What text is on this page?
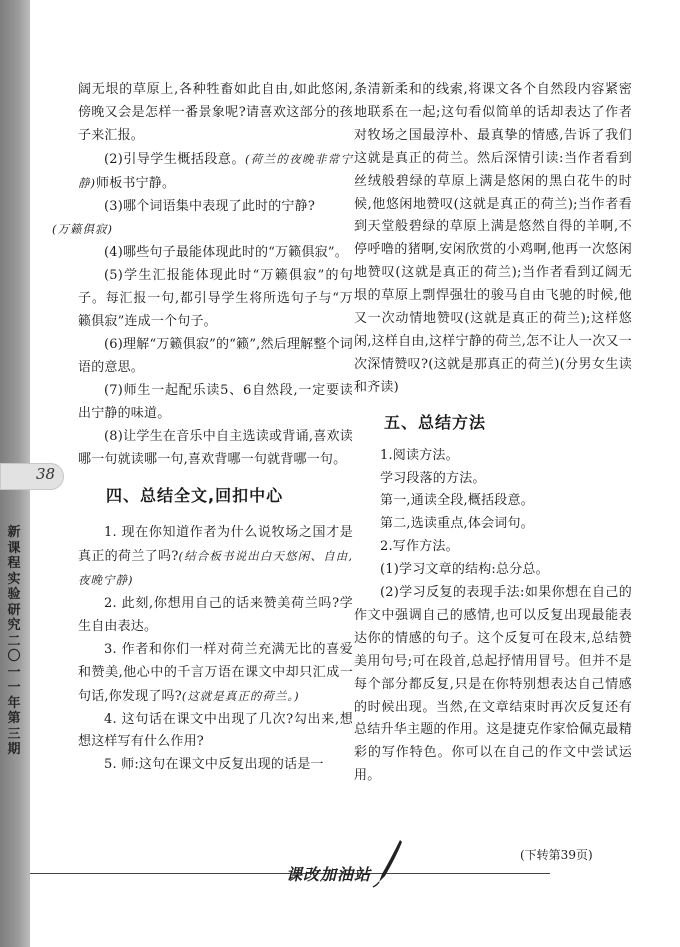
38
新课程实验研究
二〇一一年 第三期

阔无垠的草原上,各种牲畜如此自由,如此悠闲,傍晚又会是怎样一番景象呢?请喜欢这部分的孩子来汇报。

(2)引导学生概括段意。(荷兰的夜晚非常宁静)师板书宁静。

(3)哪个词语集中表现了此时的宁静?
(万籁俱寂)

(4)哪些句子最能体现此时的“万籁俱寂”。

(5)学生汇报能体现此时“万籁俱寂”的句子。每汇报一句,都引导学生将所选句子与“万籁俱寂”连成一个句子。

(6)理解“万籁俱寂”的“籁”,然后理解整个词语的意思。

(7)师生一起配乐读5、6自然段,一定要读出宁静的味道。

(8)让学生在音乐中自主选读或背诵,喜欢读哪一句就读哪一句,喜欢背哪一句就背哪一句。

四、总结全文,回扣中心

1. 现在你知道作者为什么说牧场之国才是真正的荷兰了吗?(结合板书说出白天悠闲、自由,夜晚宁静)

2. 此刻,你想用自己的话来赞美荷兰吗?学生自由表达。

3. 作者和你们一样对荷兰充满无比的喜爱和赞美,他心中的千言万语在课文中却只汇成一句话,你发现了吗?(这就是真正的荷兰。)

4. 这句话在课文中出现了几次?勾出来,想想这样写有什么作用?

5. 师:这句在课文中反复出现的话是一

条清新柔和的线索,将课文各个自然段内容紧密地联系在一起;这句看似简单的话却表达了作者对牧场之国最淳朴、最真挚的情感,告诉了我们这就是真正的荷兰。然后深情引读:当作者看到丝绒般碧绿的草原上满是悠闲的黑白花牛的时候,他悠闲地赞叹(这就是真正的荷兰);当作者看到天堂般碧绿的草原上满是悠然自得的羊啊,不停呼噜的猪啊,安闲欣赏的小鸡啊,他再一次悠闲地赞叹(这就是真正的荷兰);当作者看到辽阔无垠的草原上剽悍强壮的骏马自由飞驰的时候,他又一次动情地赞叹(这就是真正的荷兰);这样悠闲,这样自由,这样宁静的荷兰,怎不让人一次又一次深情赞叹?(这就是那真正的荷兰)(分男女生读和齐读)

五、总结方法

1.阅读方法。

学习段落的方法。

第一,通读全段,概括段意。

第二,选读重点,体会词句。

2.写作方法。

(1)学习文章的结构:总分总。

(2)学习反复的表现手法:如果你想在自己的作文中强调自己的感情,也可以反复出现最能表达你的情感的句子。这个反复可在段末,总结赞美用句号;可在段首,总起抒情用冒号。但并不是每个部分都反复,只是在你特别想表达自己情感的时候出现。当然,在文章结束时再次反复还有总结升华主题的作用。这是捷克作家恰佩克最精彩的写作特色。你可以在自己的作文中尝试运用。

(下转第39页)
课改加油站
